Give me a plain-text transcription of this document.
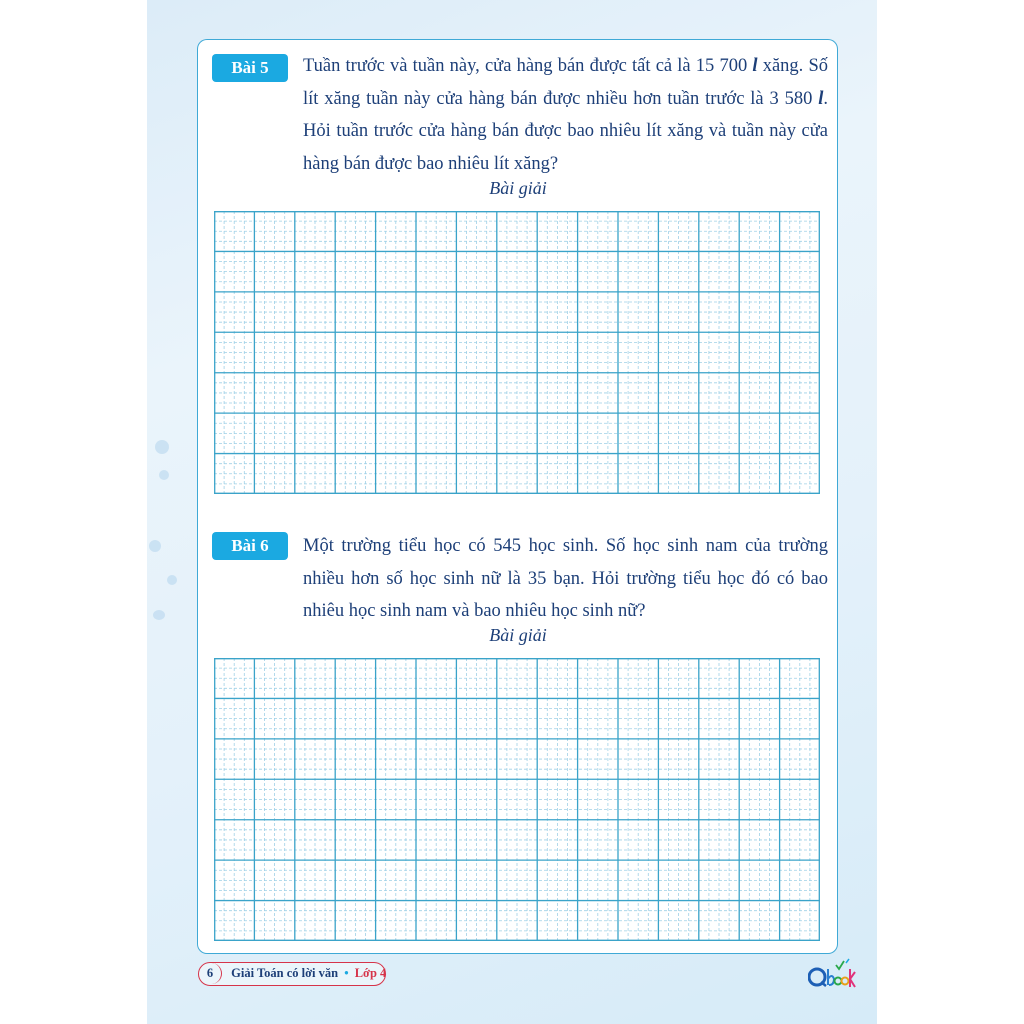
Bài 5	Tuần trước và tuần này, cửa hàng bán được tất cả là 15 700 l xăng. Số lít xăng tuần này cửa hàng bán được nhiều hơn tuần trước là 3 580 l. Hỏi tuần trước cửa hàng bán được bao nhiêu lít xăng và tuần này cửa hàng bán được bao nhiêu lít xăng?
Bài giải
Bài 6	Một trường tiểu học có 545 học sinh. Số học sinh nam của trường nhiều hơn số học sinh nữ là 35 bạn. Hỏi trường tiểu học đó có bao nhiêu học sinh nam và bao nhiêu học sinh nữ?
Bài giải
6 Giải Toán có lời văn • Lớp 4
